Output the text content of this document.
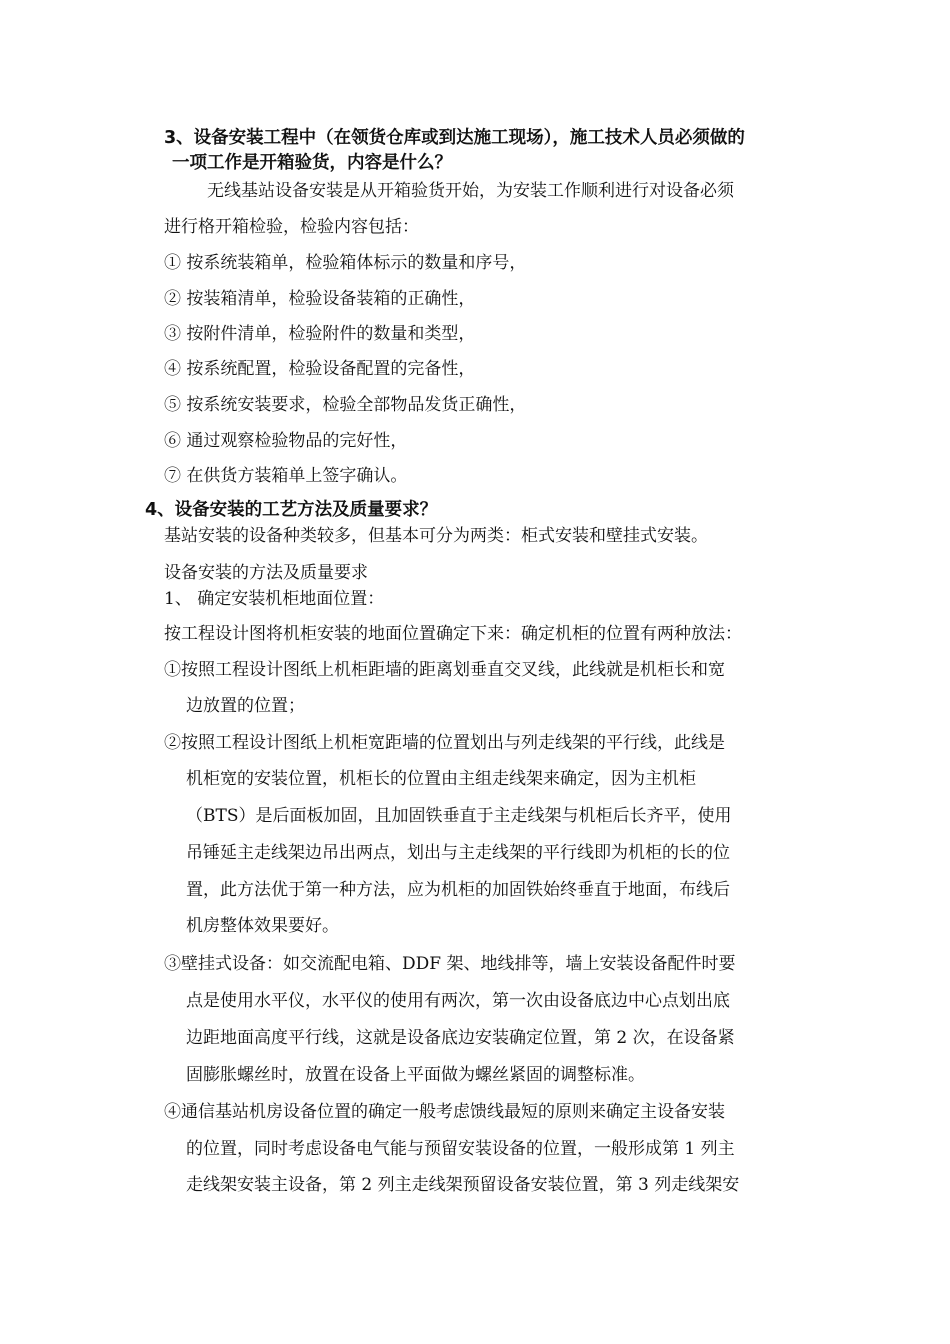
3、设备安装工程中（在领货仓库或到达施工现场），施工技术人员必须做的
一项工作是开箱验货，内容是什么？
无线基站设备安装是从开箱验货开始，为安装工作顺利进行对设备必须
进行格开箱检验，检验内容包括：
① 按系统装箱单，检验箱体标示的数量和序号，
② 按装箱清单，检验设备装箱的正确性，
③ 按附件清单，检验附件的数量和类型，
④ 按系统配置，检验设备配置的完备性，
⑤ 按系统安装要求，检验全部物品发货正确性，
⑥ 通过观察检验物品的完好性，
⑦ 在供货方装箱单上签字确认。
4、设备安装的工艺方法及质量要求？
基站安装的设备种类较多，但基本可分为两类：柜式安装和壁挂式安装。
设备安装的方法及质量要求
1、 确定安装机柜地面位置：
按工程设计图将机柜安装的地面位置确定下来：确定机柜的位置有两种放法：
①按照工程设计图纸上机柜距墙的距离划垂直交叉线，此线就是机柜长和宽
边放置的位置；
②按照工程设计图纸上机柜宽距墙的位置划出与列走线架的平行线，此线是
机柜宽的安装位置，机柜长的位置由主组走线架来确定，因为主机柜
（BTS）是后面板加固，且加固铁垂直于主走线架与机柜后长齐平，使用
吊锤延主走线架边吊出两点，划出与主走线架的平行线即为机柜的长的位
置，此方法优于第一种方法，应为机柜的加固铁始终垂直于地面，布线后
机房整体效果要好。
③壁挂式设备：如交流配电箱、DDF 架、地线排等，墙上安装设备配件时要
点是使用水平仪，水平仪的使用有两次，第一次由设备底边中心点划出底
边距地面高度平行线，这就是设备底边安装确定位置，第 2 次，在设备紧
固膨胀螺丝时，放置在设备上平面做为螺丝紧固的调整标准。
④通信基站机房设备位置的确定一般考虑馈线最短的原则来确定主设备安装
的位置，同时考虑设备电气能与预留安装设备的位置，一般形成第 1 列主
走线架安装主设备，第 2 列主走线架预留设备安装位置，第 3 列走线架安
